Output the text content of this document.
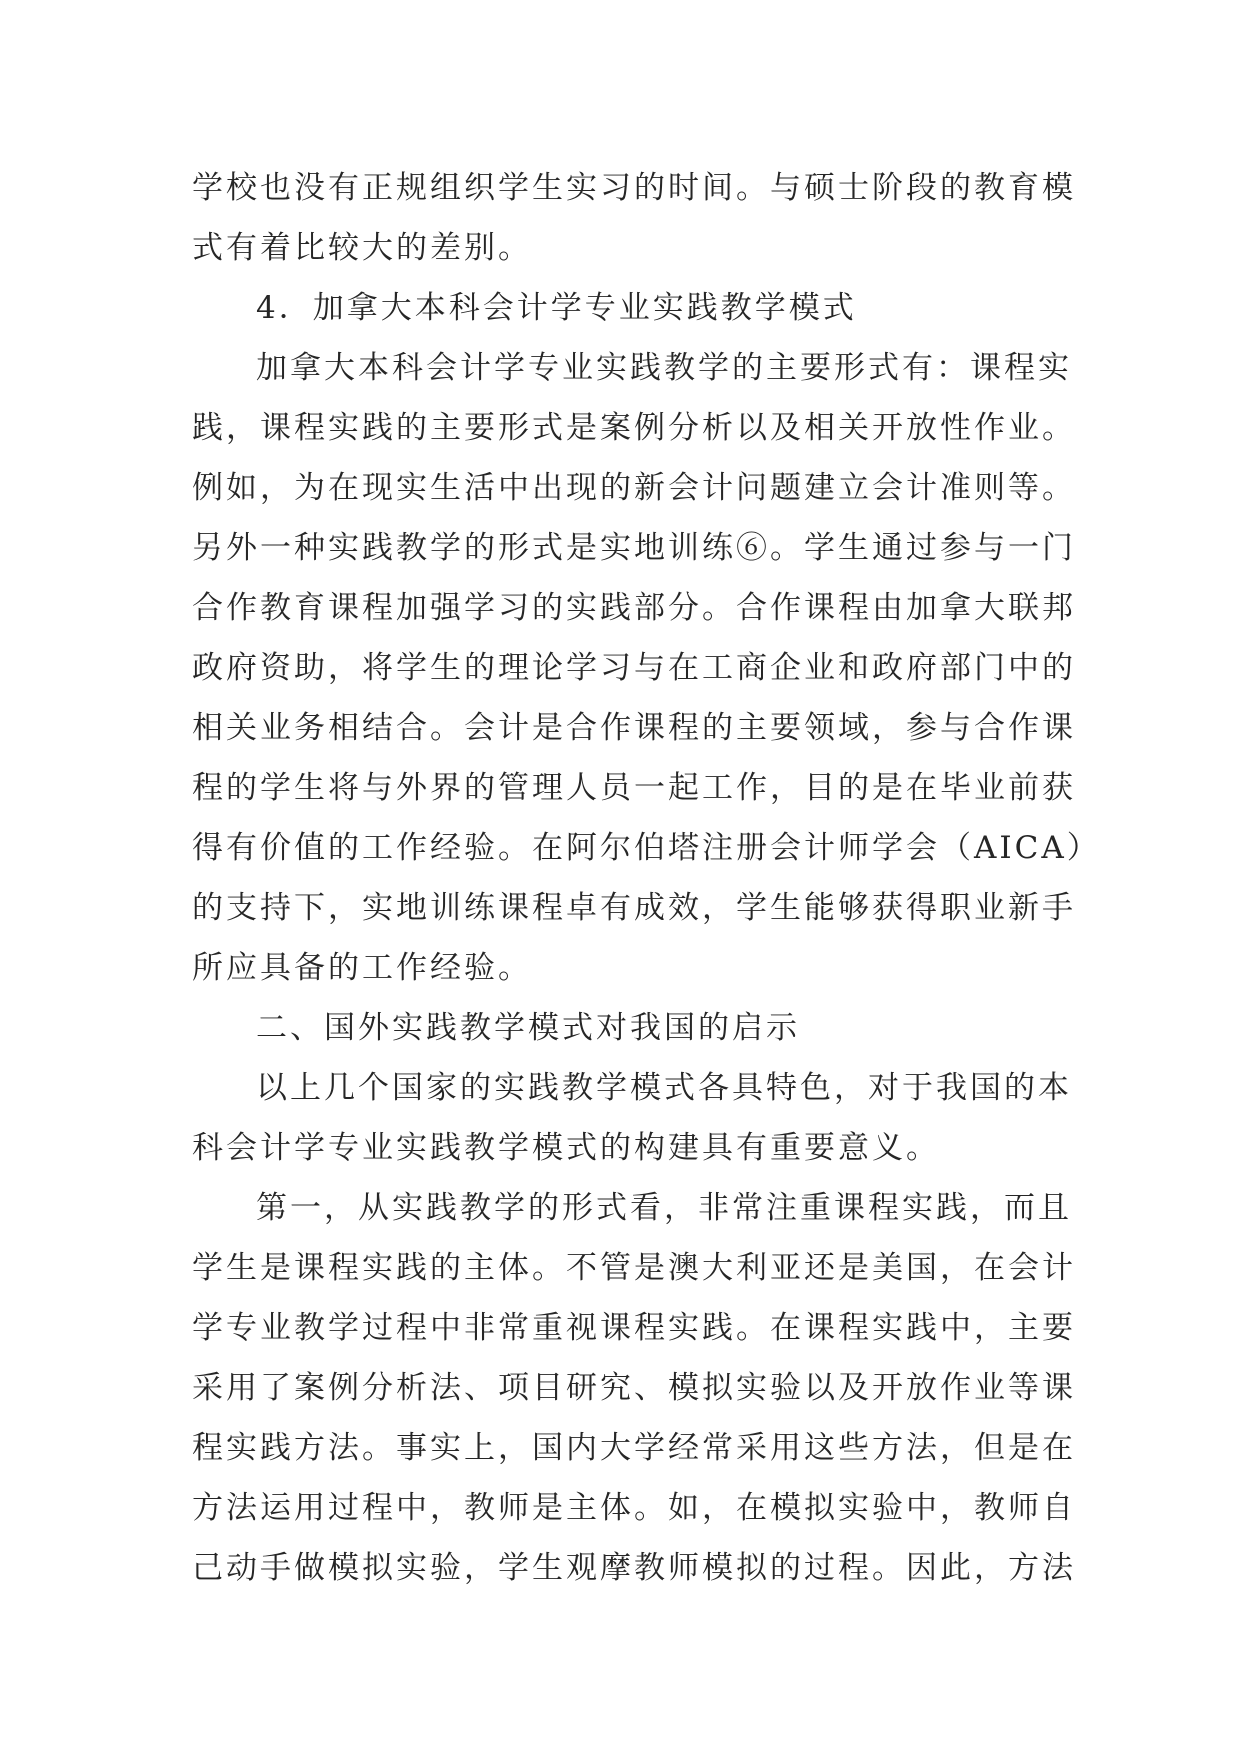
学校也没有正规组织学生实习的时间。与硕士阶段的教育模
式有着比较大的差别。
4．加拿大本科会计学专业实践教学模式
加拿大本科会计学专业实践教学的主要形式有：课程实
践，课程实践的主要形式是案例分析以及相关开放性作业。
例如，为在现实生活中出现的新会计问题建立会计准则等。
另外一种实践教学的形式是实地训练⑥。学生通过参与一门
合作教育课程加强学习的实践部分。合作课程由加拿大联邦
政府资助，将学生的理论学习与在工商企业和政府部门中的
相关业务相结合。会计是合作课程的主要领域，参与合作课
程的学生将与外界的管理人员一起工作，目的是在毕业前获
得有价值的工作经验。在阿尔伯塔注册会计师学会（AICA）
的支持下，实地训练课程卓有成效，学生能够获得职业新手
所应具备的工作经验。
二、国外实践教学模式对我国的启示
以上几个国家的实践教学模式各具特色，对于我国的本
科会计学专业实践教学模式的构建具有重要意义。
第一，从实践教学的形式看，非常注重课程实践，而且
学生是课程实践的主体。不管是澳大利亚还是美国，在会计
学专业教学过程中非常重视课程实践。在课程实践中，主要
采用了案例分析法、项目研究、模拟实验以及开放作业等课
程实践方法。事实上，国内大学经常采用这些方法，但是在
方法运用过程中，教师是主体。如，在模拟实验中，教师自
己动手做模拟实验，学生观摩教师模拟的过程。因此，方法
